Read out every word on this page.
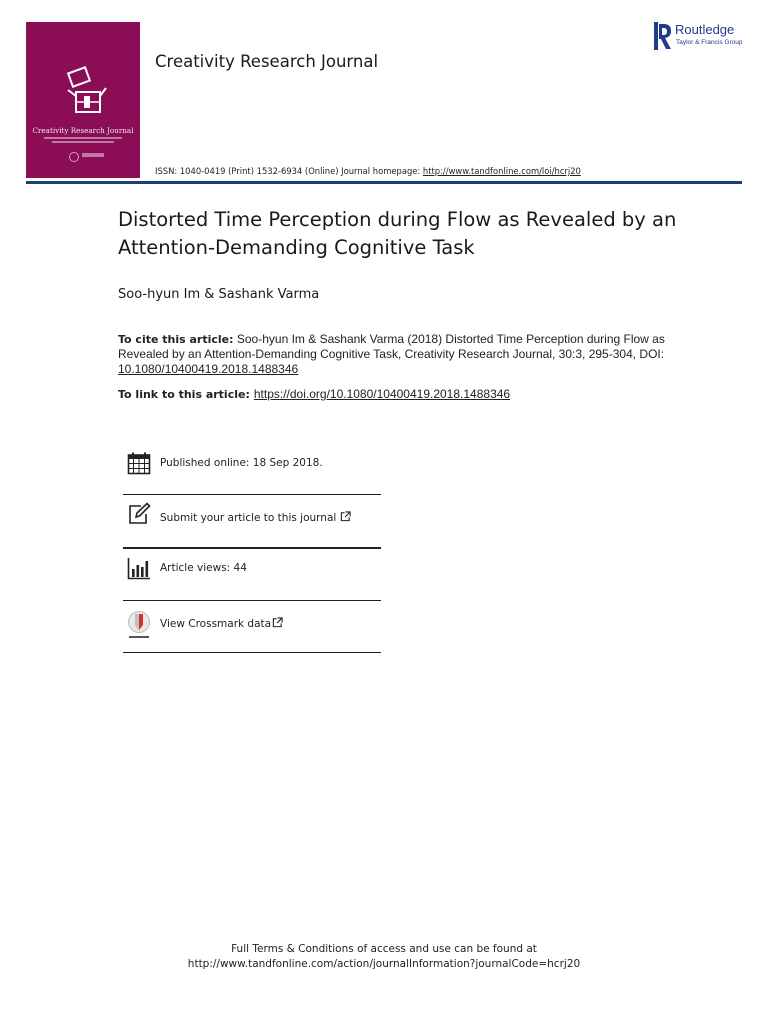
Creativity Research Journal
Creativity Research Journal
Routledge
Taylor & Francis Group
ISSN: 1040-0419 (Print) 1532-6934 (Online) Journal homepage: http://www.tandfonline.com/loi/hcrj20
Distorted Time Perception during Flow as Revealed by an Attention-Demanding Cognitive Task
Soo-hyun Im & Sashank Varma
To cite this article: Soo-hyun Im & Sashank Varma (2018) Distorted Time Perception during Flow as Revealed by an Attention-Demanding Cognitive Task, Creativity Research Journal, 30:3, 295-304, DOI: 10.1080/10400419.2018.1488346
To link to this article: https://doi.org/10.1080/10400419.2018.1488346
Published online: 18 Sep 2018.
Submit your article to this journal
Article views: 44
View Crossmark data
Full Terms & Conditions of access and use can be found at
http://www.tandfonline.com/action/journalInformation?journalCode=hcrj20
